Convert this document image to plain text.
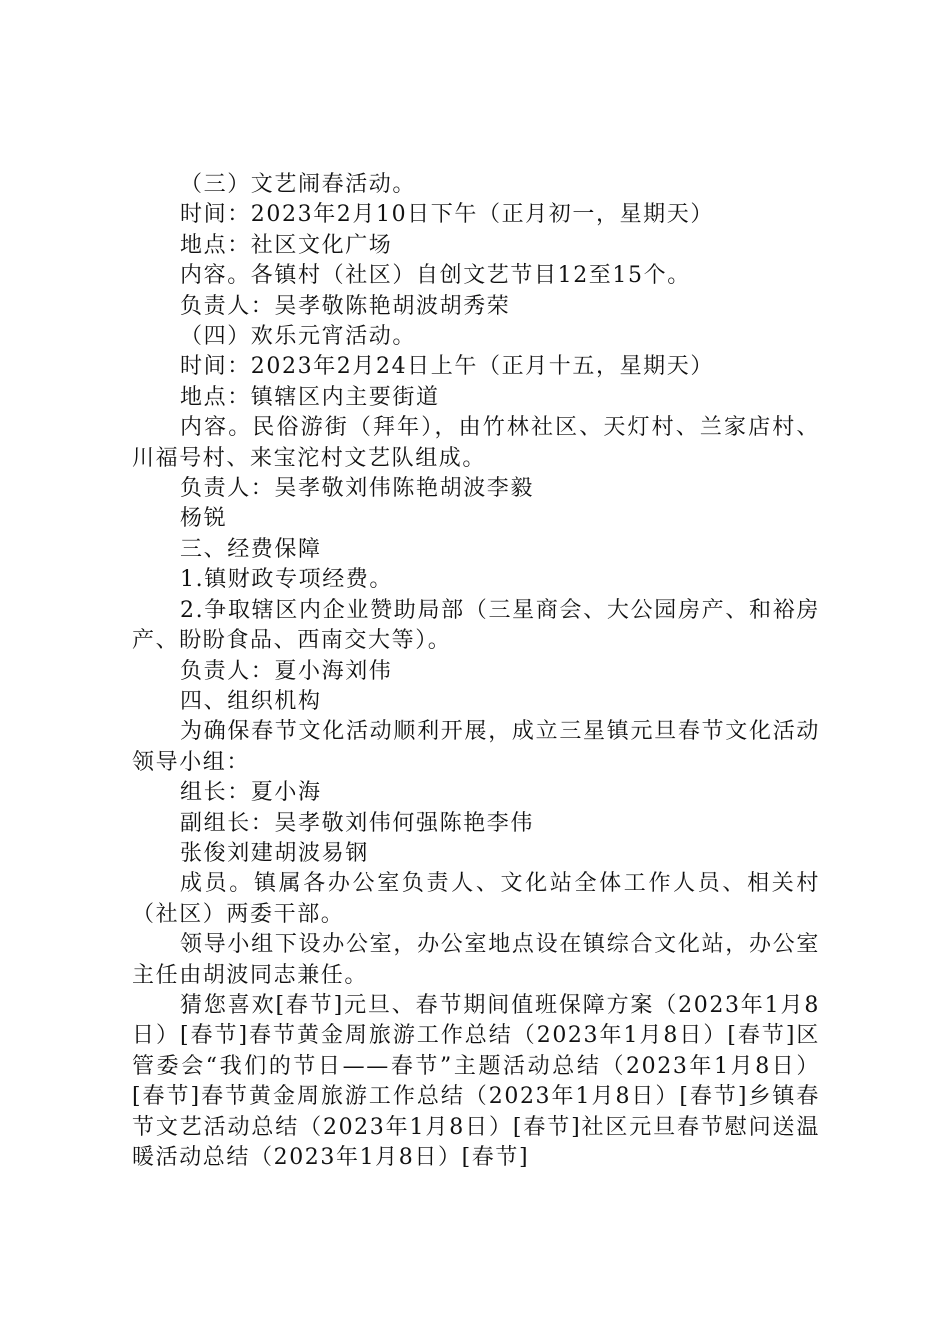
（三）文艺闹春活动。

时间：2023年2月10日下午（正月初一，星期天）

地点：社区文化广场

内容。各镇村（社区）自创文艺节目12至15个。

负责人：吴孝敬陈艳胡波胡秀荣

（四）欢乐元宵活动。

时间：2023年2月24日上午（正月十五，星期天）

地点：镇辖区内主要街道

内容。民俗游街（拜年），由竹林社区、天灯村、兰家店村、川福号村、来宝沱村文艺队组成。

负责人：吴孝敬刘伟陈艳胡波李毅

杨锐

三、经费保障

1.镇财政专项经费。

2.争取辖区内企业赞助局部（三星商会、大公园房产、和裕房产、盼盼食品、西南交大等）。

负责人：夏小海刘伟

四、组织机构

为确保春节文化活动顺利开展，成立三星镇元旦春节文化活动领导小组：

组长：夏小海

副组长：吴孝敬刘伟何强陈艳李伟

张俊刘建胡波易钢

成员。镇属各办公室负责人、文化站全体工作人员、相关村（社区）两委干部。

领导小组下设办公室，办公室地点设在镇综合文化站，办公室主任由胡波同志兼任。

猜您喜欢[春节]元旦、春节期间值班保障方案（2023年1月8日）[春节]春节黄金周旅游工作总结（2023年1月8日）[春节]区管委会“我们的节日——春节”主题活动总结（2023年1月8日）[春节]春节黄金周旅游工作总结（2023年1月8日）[春节]乡镇春节文艺活动总结（2023年1月8日）[春节]社区元旦春节慰问送温暖活动总结（2023年1月8日）[春节]
